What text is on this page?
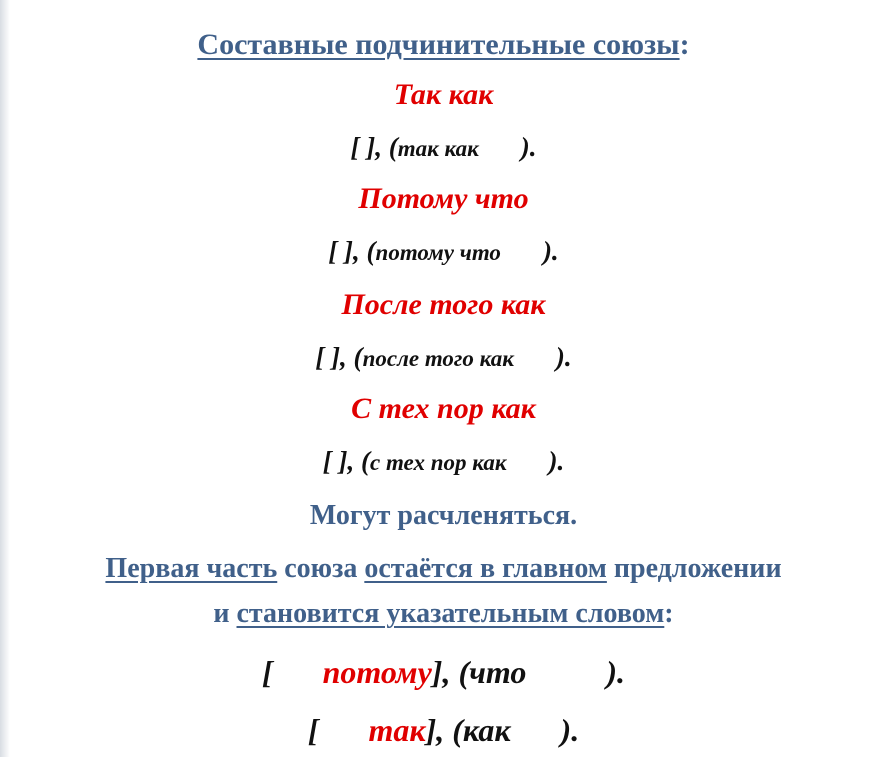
Составные подчинительные союзы:
Так как
[ ], (так как ).
Потому что
[ ], (потому что ).
После того как
[ ], (после того как ).
С тех пор как
[ ], (с тех пор как ).
Могут расчленяться.
Первая часть союза остаётся в главном предложении
и становится указательным словом:
[ потому], (что	).
[ так], (как ).
